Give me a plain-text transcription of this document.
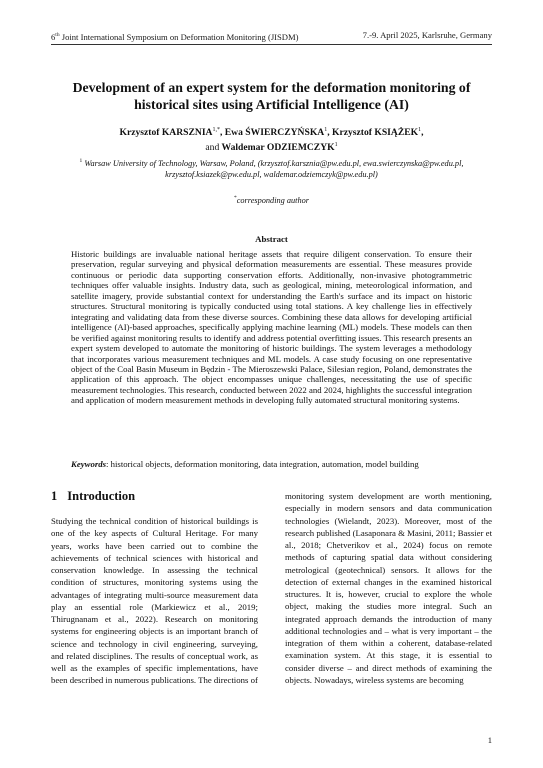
6th Joint International Symposium on Deformation Monitoring (JISDM)	7.-9. April 2025, Karlsruhe, Germany
Development of an expert system for the deformation monitoring of historical sites using Artificial Intelligence (AI)
Krzysztof $KARSZNIA^{1,*}$, Ewa ŚWIERCZYŃSKA$^1$, Krzysztof KSIĄŻEK$^1$,
and Waldemar ODZIEMCZYK$^1$
$^1$ Warsaw University of Technology, Warsaw, Poland, (krzysztof.karsznia@pw.edu.pl, ewa.swierczynska@pw.edu.pl, krzysztof.ksiazek@pw.edu.pl, waldemar.odziemczyk@pw.edu.pl)
*corresponding author
Abstract
Historic buildings are invaluable national heritage assets that require diligent conservation. To ensure their preservation, regular surveying and physical deformation measurements are essential. These measures provide continuous or periodic data supporting conservation efforts. Additionally, non-invasive photogrammetric techniques offer valuable insights. Industry data, such as geological, mining, meteorological information, and satellite imagery, provide substantial context for understanding the Earth's surface and its impact on historic structures. Structural monitoring is typically conducted using total stations. A key challenge lies in effectively integrating and validating data from these diverse sources. Combining these data allows for developing artificial intelligence (AI)-based approaches, specifically applying machine learning (ML) models. These models can then be verified against monitoring results to identify and address potential overfitting issues. This research presents an expert system developed to automate the monitoring of historic buildings. The system leverages a methodology that incorporates various measurement techniques and ML models. A case study focusing on one representative object of the Coal Basin Museum in Będzin - The Mieroszewski Palace, Silesian region, Poland, demonstrates the application of this approach. The object encompasses unique challenges, necessitating the use of specific measurement technologies. This research, conducted between 2022 and 2024, highlights the successful integration and application of modern measurement methods in developing fully automated structural monitoring systems.
Keywords: historical objects, deformation monitoring, data integration, automation, model building
1 Introduction
Studying the technical condition of historical buildings is one of the key aspects of Cultural Heritage. For many years, works have been carried out to combine the achievements of technical sciences with historical and conservation knowledge. In assessing the technical condition of structures, monitoring systems using the advantages of integrating multi-source measurement data play an essential role (Markiewicz et al., 2019; Thirugnanam et al., 2022). Research on monitoring systems for engineering objects is an important branch of science and technology in civil engineering, surveying, and related disciplines. The results of conceptual work, as well as the examples of specific implementations, have been described in numerous publications. The directions of
monitoring system development are worth mentioning, especially in modern sensors and data communication technologies (Wielandt, 2023). Moreover, most of the research published (Lasaponara & Masini, 2011; Bassier et al., 2018; Chetverikov et al., 2024) focus on remote methods of capturing spatial data without considering metrological (geotechnical) sensors. It allows for the detection of external changes in the examined historical structures. It is, however, crucial to explore the whole object, making the studies more integral. Such an integrated approach demands the introduction of many additional technologies and – what is very important – the integration of them within a coherent, database-related examination system. At this stage, it is essential to consider diverse – and direct methods of examining the objects. Nowadays, wireless systems are becoming
1
